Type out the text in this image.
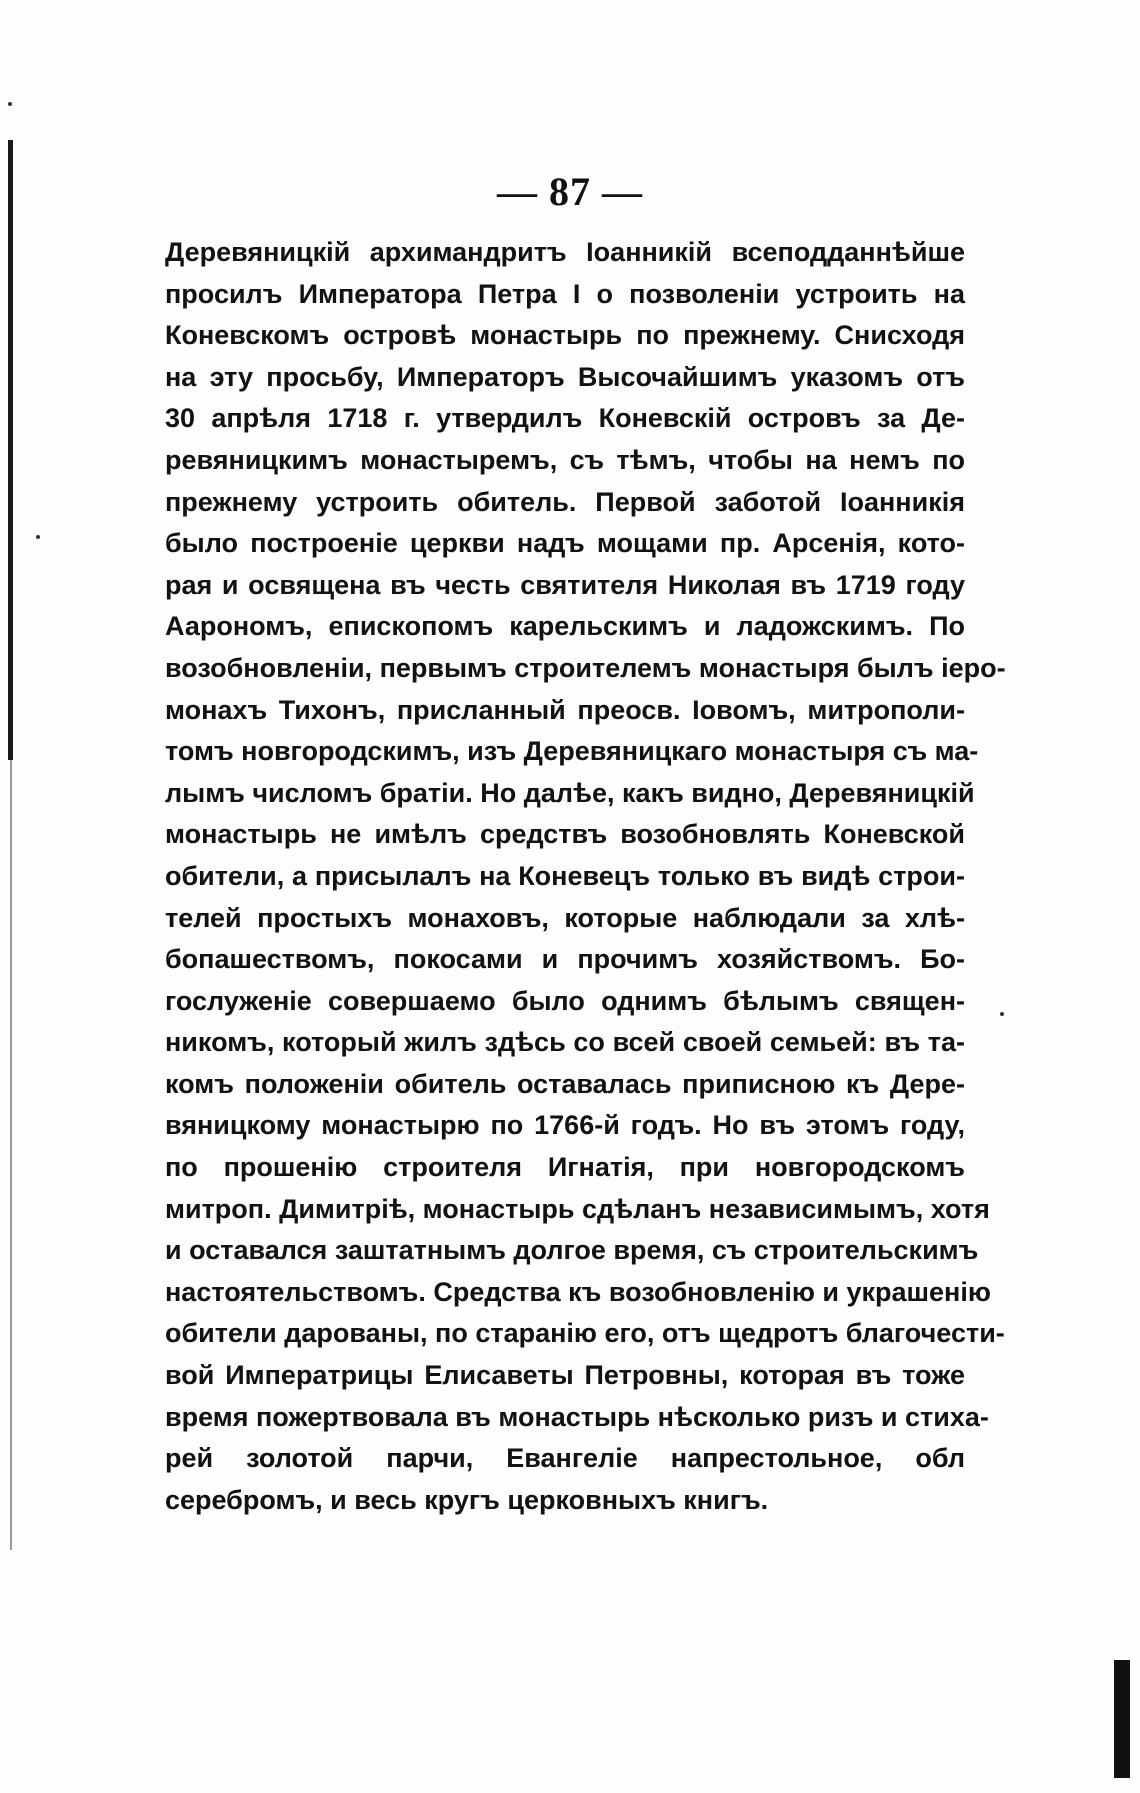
— 87 —
Деревяницкій архимандритъ Іоанникій всеподданнѣйше
просилъ Императора Петра I о позволеніи устроить на
Коневскомъ островѣ монастырь по прежнему. Снисходя
на эту просьбу, Императоръ Высочайшимъ указомъ отъ
30 апрѣля 1718 г. утвердилъ Коневскій островъ за Де-
ревяницкимъ монастыремъ, съ тѣмъ, чтобы на немъ по
прежнему устроить обитель. Первой заботой Іоанникія
было построеніе церкви надъ мощами пр. Арсенія, кото-
рая и освящена въ честь святителя Николая въ 1719 году
Аарономъ, епископомъ карельскимъ и ладожскимъ. По
возобновленіи, первымъ строителемъ монастыря былъ іеро-
монахъ Тихонъ, присланный преосв. Іовомъ, митрополи-
томъ новгородскимъ, изъ Деревяницкаго монастыря съ ма-
лымъ числомъ братіи. Но далѣе, какъ видно, Деревяницкій
монастырь не имѣлъ средствъ возобновлять Коневской
обители, а присылалъ на Коневецъ только въ видѣ строи-
телей простыхъ монаховъ, которые наблюдали за хлѣ-
бопашествомъ, покосами и прочимъ хозяйствомъ. Бо-
гослуженіе совершаемо было однимъ бѣлымъ священ-
никомъ, который жилъ здѣсь со всей своей семьей: въ та-
комъ положеніи обитель оставалась приписною къ Дере-
вяницкому монастырю по 1766-й годъ. Но въ этомъ году,
по прошенію строителя Игнатія, при новгородскомъ
митроп. Димитріѣ, монастырь сдѣланъ независимымъ, хотя
и оставался заштатнымъ долгое время, съ строительскимъ
настоятельствомъ. Средства къ возобновленію и украшенію
обители дарованы, по старанію его, отъ щедротъ благочести-
вой Императрицы Елисаветы Петровны, которая въ тоже
время пожертвовала въ монастырь нѣсколько ризъ и стиха-
рей золотой парчи, Евангеліе напрестольное, обл
серебромъ, и весь кругъ церковныхъ книгъ.
